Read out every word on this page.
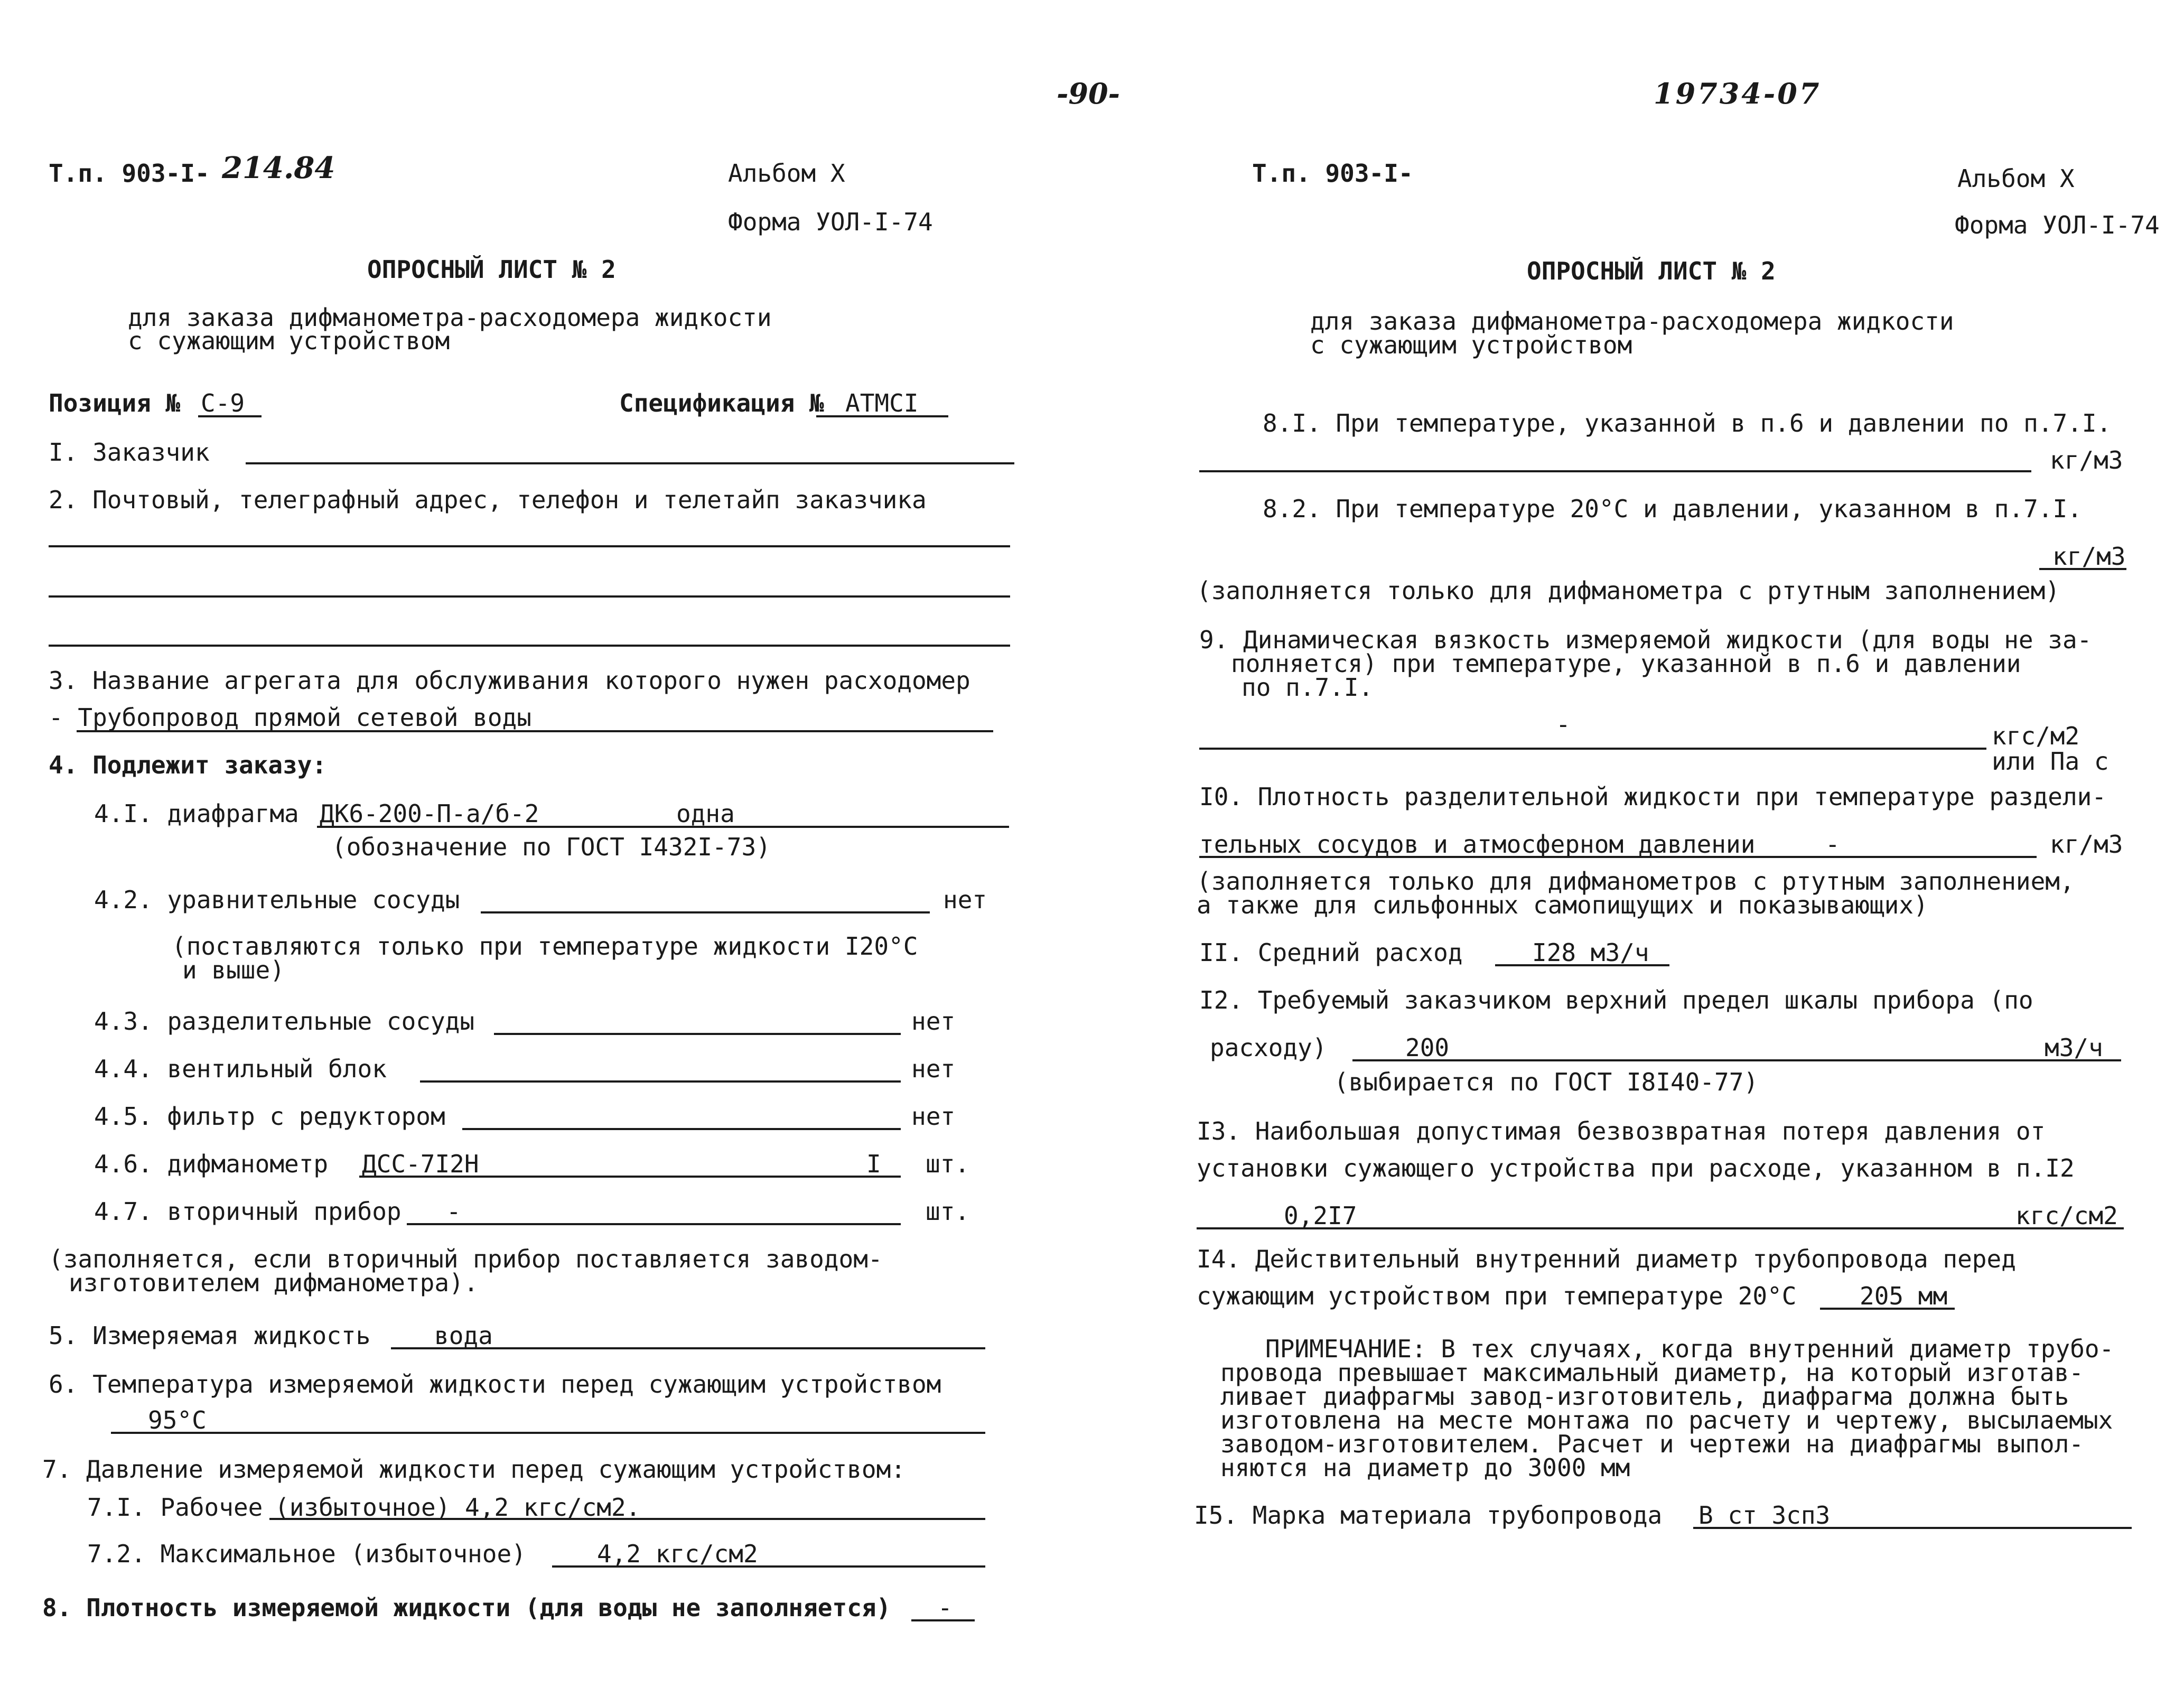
-90-	19734-07
Т.п. 903-I- 214.84	Альбом X
Форма УОЛ-I-74
ОПРОСНЫЙ ЛИСТ № 2
для заказа дифманометра-расходомера жидкости
с сужающим устройством
Позиция № С-9	Спецификация № АТМСI
I. Заказчик
2. Почтовый, телеграфный адрес, телефон и телетайп заказчика
3. Название агрегата для обслуживания которого нужен расходомер
- Трубопровод прямой сетевой воды
4. Подлежит заказу:
4.I. диафрагма ДК6-200-П-а/б-2	одна
(обозначение по ГОСТ I432I-73)
4.2. уравнительные сосуды	нет
(поставляются только при температуре жидкости I20°С
и выше)
4.3. разделительные сосуды	нет
4.4. вентильный блок	нет
4.5. фильтр с редуктором	нет
4.6. дифманометр ДСС-7I2Н	I шт.
4.7. вторичный прибор -	шт.
(заполняется, если вторичный прибор поставляется заводом-
изготовителем дифманометра).
5. Измеряемая жидкость	вода
6. Температура измеряемой жидкости перед сужающим устройством
95°С
7. Давление измеряемой жидкости перед сужающим устройством:
7.I. Рабочее (избыточное) 4,2 кгс/см2.
7.2. Максимальное (избыточное)	4,2 кгс/см2
8. Плотность измеряемой жидкости (для воды не заполняется) -
Т.п. 903-I-	Альбом X
Форма УОЛ-I-74
ОПРОСНЫЙ ЛИСТ № 2
для заказа дифманометра-расходомера жидкости
с сужающим устройством
8.I. При температуре, указанной в п.6 и давлении по п.7.I.
кг/м3
8.2. При температуре 20°С и давлении, указанном в п.7.I.
кг/м3
(заполняется только для дифманометра с ртутным заполнением)
9. Динамическая вязкость измеряемой жидкости (для воды не за-
полняется) при температуре, указанной в п.6 и давлении
по п.7.I.
-	кгс/м2
или Па с
I0. Плотность разделительной жидкости при температуре раздели-
тельных сосудов и атмосферном давлении	-	кг/м3
(заполняется только для дифманометров с ртутным заполнением,
а также для сильфонных самопищущих и показывающих)
II. Средний расход	I28 м3/ч
I2. Требуемый заказчиком верхний предел шкалы прибора (по
расходу)	200	м3/ч
(выбирается по ГОСТ I8I40-77)
I3. Наибольшая допустимая безвозвратная потеря давления от
установки сужающего устройства при расходе, указанном в п.I2
0,2I7	кгс/см2
I4. Действительный внутренний диаметр трубопровода перед
сужающим устройством при температуре 20°С	205 мм
ПРИМЕЧАНИЕ: В тех случаях, когда внутренний диаметр трубо-
провода превышает максимальный диаметр, на который изготав-
ливает диафрагмы завод-изготовитель, диафрагма должна быть
изготовлена на месте монтажа по расчету и чертежу, высылаемых
заводом-изготовителем. Расчет и чертежи на диафрагмы выпол-
няются на диаметр до 3000 мм
I5. Марка материала трубопровода В ст 3сп3
